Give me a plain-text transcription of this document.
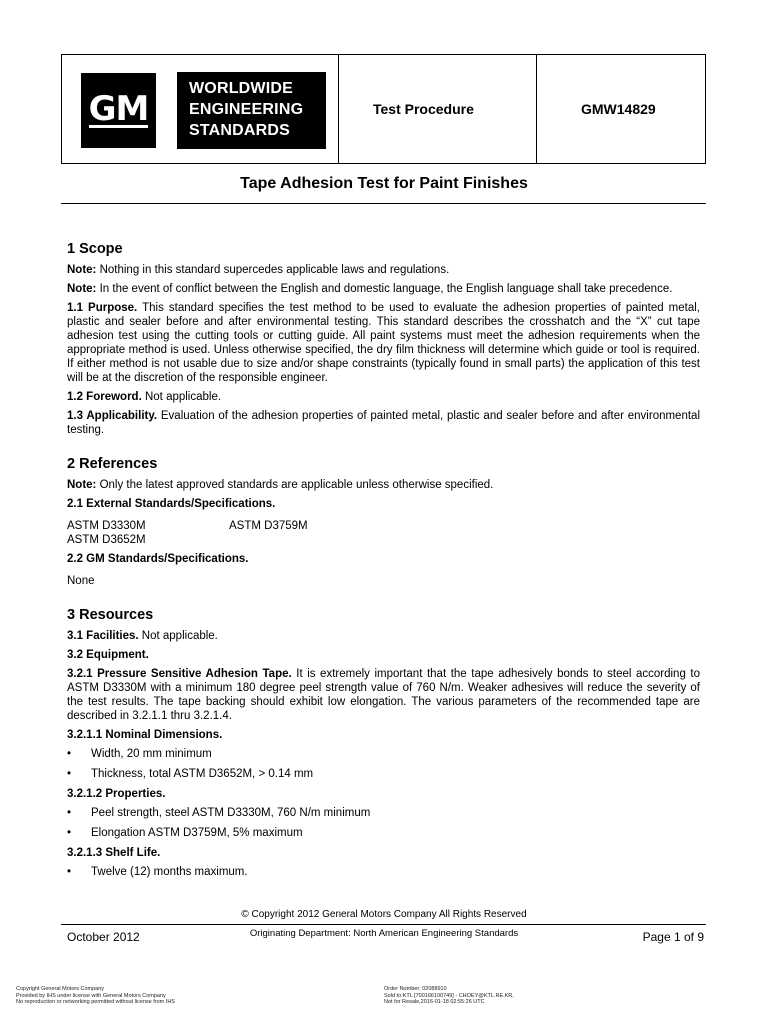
GM	WORLDWIDE
ENGINEERING
STANDARDS
Test Procedure	GMW14829
Tape Adhesion Test for Paint Finishes
1 Scope

Note: Nothing in this standard supercedes applicable laws and regulations.

Note: In the event of conflict between the English and domestic language, the English language shall take precedence.

1.1 Purpose. This standard specifies the test method to be used to evaluate the adhesion properties of painted metal, plastic and sealer before and after environmental testing. This standard describes the crosshatch and the “X” cut tape adhesion test using the cutting tools or cutting guide. All paint systems must meet the adhesion requirements when the appropriate method is used. Unless otherwise specified, the dry film thickness will determine which guide or tool is required. If either method is not usable due to size and/or shape constraints (typically found in small parts) the application of this test will be at the discretion of the responsible engineer.

1.2 Foreword. Not applicable.

1.3 Applicability. Evaluation of the adhesion properties of painted metal, plastic and sealer before and after environmental testing.

2 References

Note: Only the latest approved standards are applicable unless otherwise specified.

2.1 External Standards/Specifications.

ASTM D3330M	ASTM D3759M
ASTM D3652M

2.2 GM Standards/Specifications.

None

3 Resources

3.1 Facilities. Not applicable.

3.2 Equipment.

3.2.1 Pressure Sensitive Adhesion Tape. It is extremely important that the tape adhesively bonds to steel according to ASTM D3330M with a minimum 180 degree peel strength value of 760 N/m. Weaker adhesives will reduce the severity of the test results. The tape backing should exhibit low elongation. The various parameters of the recommended tape are described in 3.2.1.1 thru 3.2.1.4.

3.2.1.1 Nominal Dimensions.

•	Width, 20 mm minimum
•	Thickness, total ASTM D3652M, > 0.14 mm

3.2.1.2 Properties.

•	Peel strength, steel ASTM D3330M, 760 N/m minimum
•	Elongation ASTM D3759M, 5% maximum

3.2.1.3 Shelf Life.

•	Twelve (12) months maximum.
© Copyright 2012 General Motors Company All Rights Reserved
October 2012	Originating Department: North American Engineering Standards	Page 1 of 9
Copyright General Motors Company
Provided by IHS under license with General Motors Company
No reproduction or networking permitted without license from IHS
Order Number: 02088910
Sold to:KTL [700166100749] - CHOEY@KTL.RE.KR,
Not for Resale,2016-01-18 02:55:26 UTC
